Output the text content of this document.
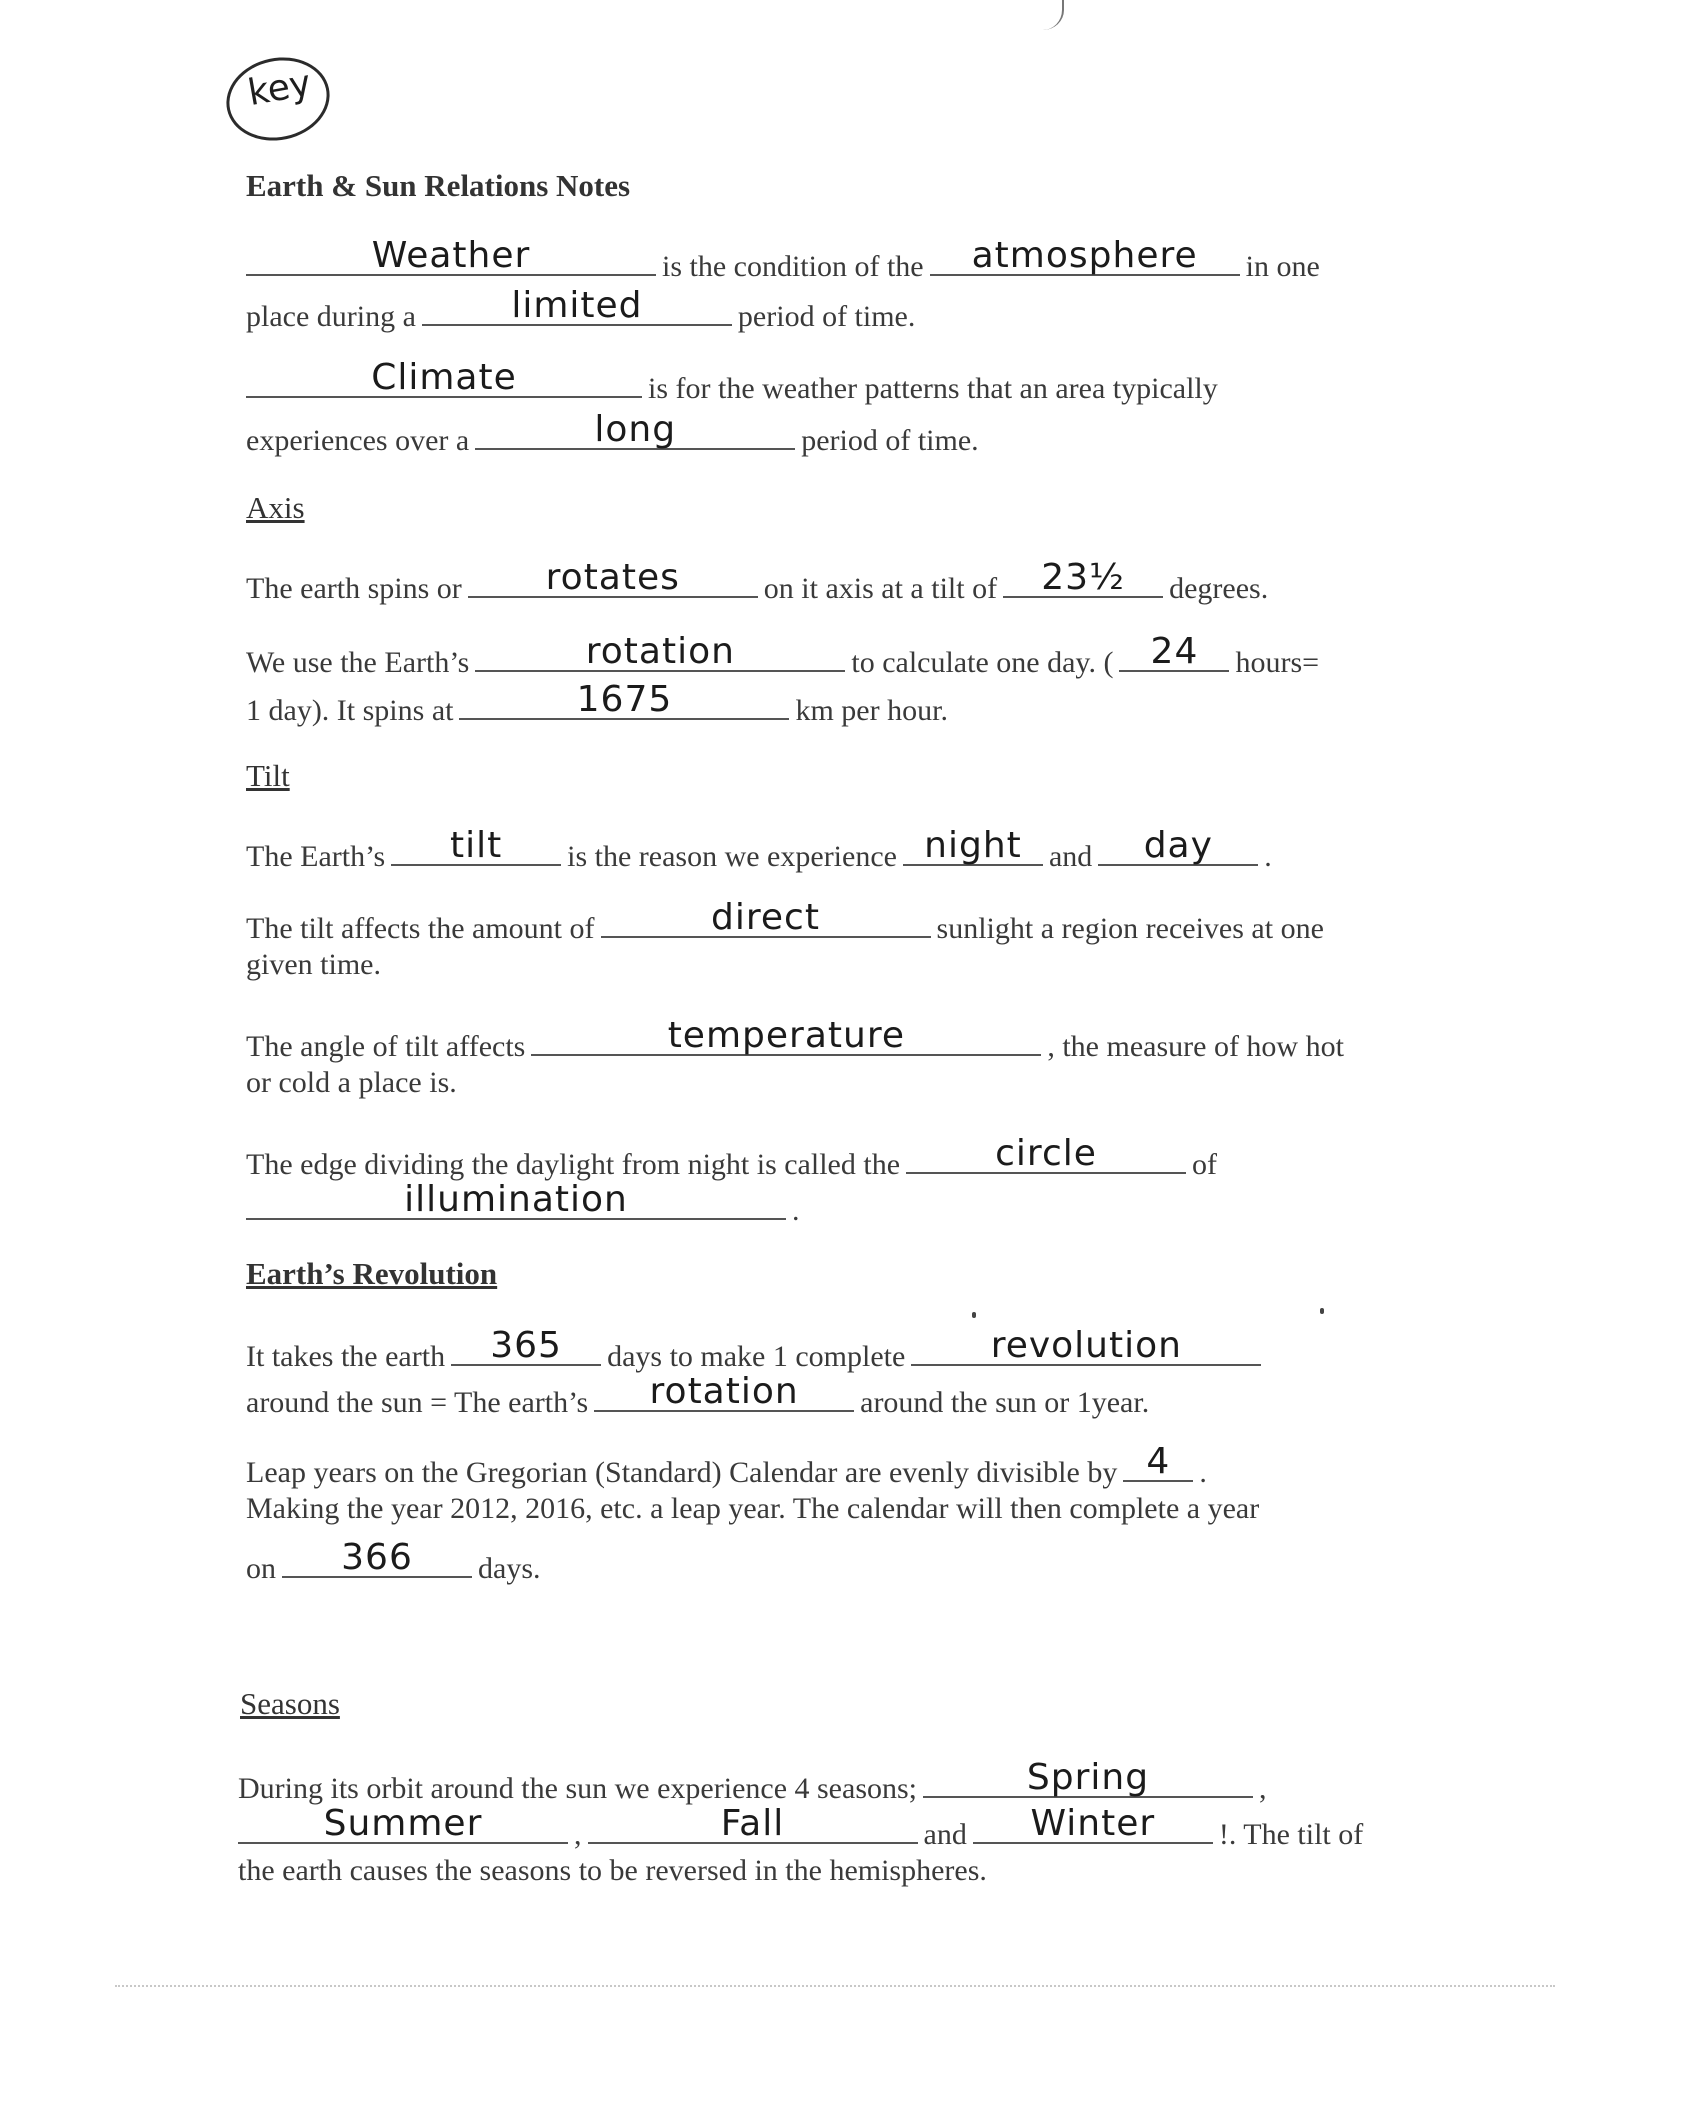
key
Earth & Sun Relations Notes
Weather	is the condition of the	atmosphere	in one
place during a	limited	period of time.
Climate	is for the weather patterns that an area typically
experiences over a	long	period of time.
Axis
The earth spins or	rotates	on it axis at a tilt of	23½	degrees.
We use the Earth’s	rotation	to calculate one day. (	24	hours=
1 day). It spins at	1675	km per hour.
Tilt
The Earth’s	tilt	is the reason we experience night and	day	.
The tilt affects the amount of	direct	sunlight a region receives at one
given time.
The angle of tilt affects	temperature	, the measure of how hot
or cold a place is.
The edge dividing the daylight from night is called the	circle	of
illumination	.
Earth’s Revolution
It takes the earth	365	days to make 1 complete	revolution
around the sun = The earth’s	rotation	around the sun or 1year.
Leap years on the Gregorian (Standard) Calendar are evenly divisible by 4 .
Making the year 2012, 2016, etc. a leap year. The calendar will then complete a year
on	366	days.
Seasons
During its orbit around the sun we experience 4 seasons;	Spring	,
Summer	,	Fall	and	Winter	!. The tilt of
the earth causes the seasons to be reversed in the hemispheres.
